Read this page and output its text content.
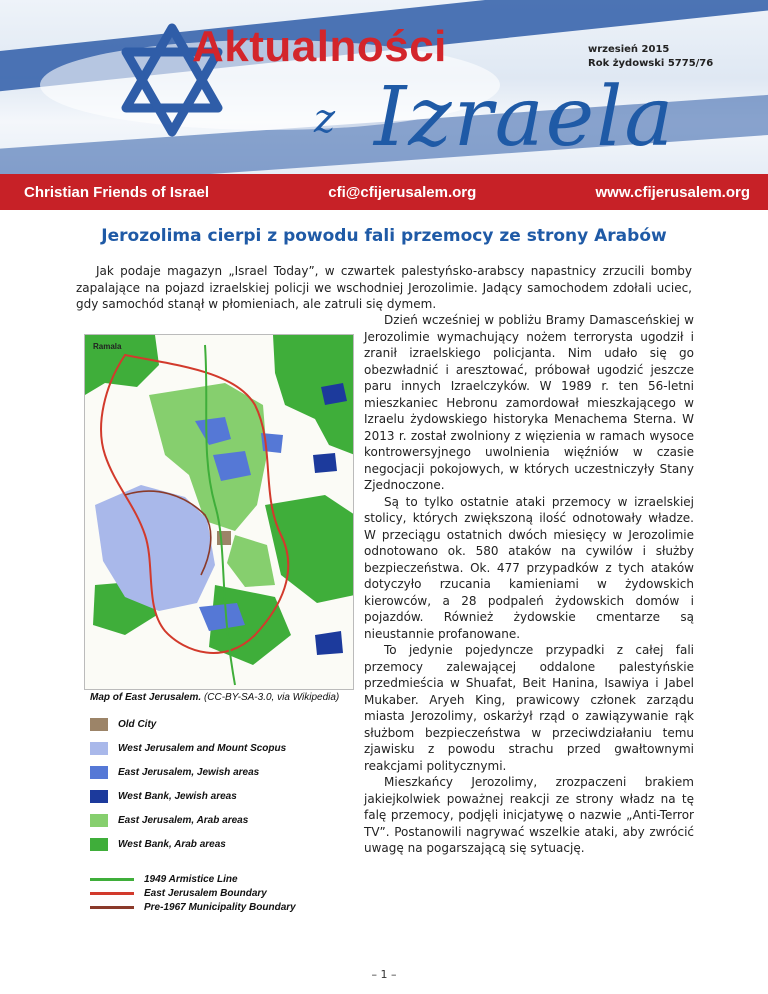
Aktualności
z Izraela
wrzesień 2015
Rok żydowski 5775/76
Christian Friends of Israel	cfi@cfijerusalem.org	www.cfijerusalem.org
Jerozolima cierpi z powodu fali przemocy ze strony Arabów
Jak podaje magazyn „Israel Today”, w czwartek palestyńsko-arabscy napastnicy zrzucili bomby zapalające na pojazd izraelskiej policji we wschodniej Jerozolimie. Jadący samochodem zdołali uciec, gdy samochód stanął w płomieniach, ale zatruli się dymem.

Dzień wcześniej w pobliżu Bramy Damasceńskiej w Jerozolimie wymachujący nożem terrorysta ugodził i zranił izraelskiego policjanta. Nim udało się go obezwładnić i aresztować, próbował ugodzić jeszcze paru innych Izraelczyków. W 1989 r. ten 56-letni mieszkaniec Hebronu zamordował mieszkającego w Izraelu żydowskiego historyka Menachema Sterna. W 2013 r. został zwolniony z więzienia w ramach wysoce kontrowersyjnego uwolnienia więźniów w czasie negocjacji pokojowych, w których uczestniczyły Stany Zjednoczone.

Są to tylko ostatnie ataki przemocy w izraelskiej stolicy, których zwiększoną ilość odnotowały władze. W przeciągu ostatnich dwóch miesięcy w Jerozolimie odnotowano ok. 580 ataków na cywilów i służby bezpieczeństwa. Ok. 477 przypadków z tych ataków dotyczyło rzucania kamieniami w żydowskich kierowców, a 28 podpaleń żydowskich domów i pojazdów. Również żydowskie cmentarze są nieustannie profanowane.

To jedynie pojedyncze przypadki z całej fali przemocy zalewającej oddalone palestyńskie przedmieścia w Shuafat, Beit Hanina, Isawiya i Jabel Mukaber. Aryeh King, prawicowy członek zarządu miasta Jerozolimy, oskarżył rząd o zawiązywanie rąk służbom bezpieczeństwa w przeciwdziałaniu temu zjawisku z powodu strachu przed gwałtownymi reakcjami politycznymi.

Mieszkańcy Jerozolimy, zrozpaczeni brakiem jakiejkolwiek poważnej reakcji ze strony władz na tę falę przemocy, podjęli inicjatywę o nazwie „Anti-Terror TV”. Postanowili nagrywać wszelkie ataki, aby zwrócić uwagę na pogarszającą się sytuację.

Ramala
Map of East Jerusalem. (CC-BY-SA-3.0, via Wikipedia)
Old City
West Jerusalem and Mount Scopus
East Jerusalem, Jewish areas
West Bank, Jewish areas
East Jerusalem, Arab areas
West Bank, Arab areas
1949 Armistice Line
East Jerusalem Boundary
Pre-1967 Municipality Boundary
– 1 –
